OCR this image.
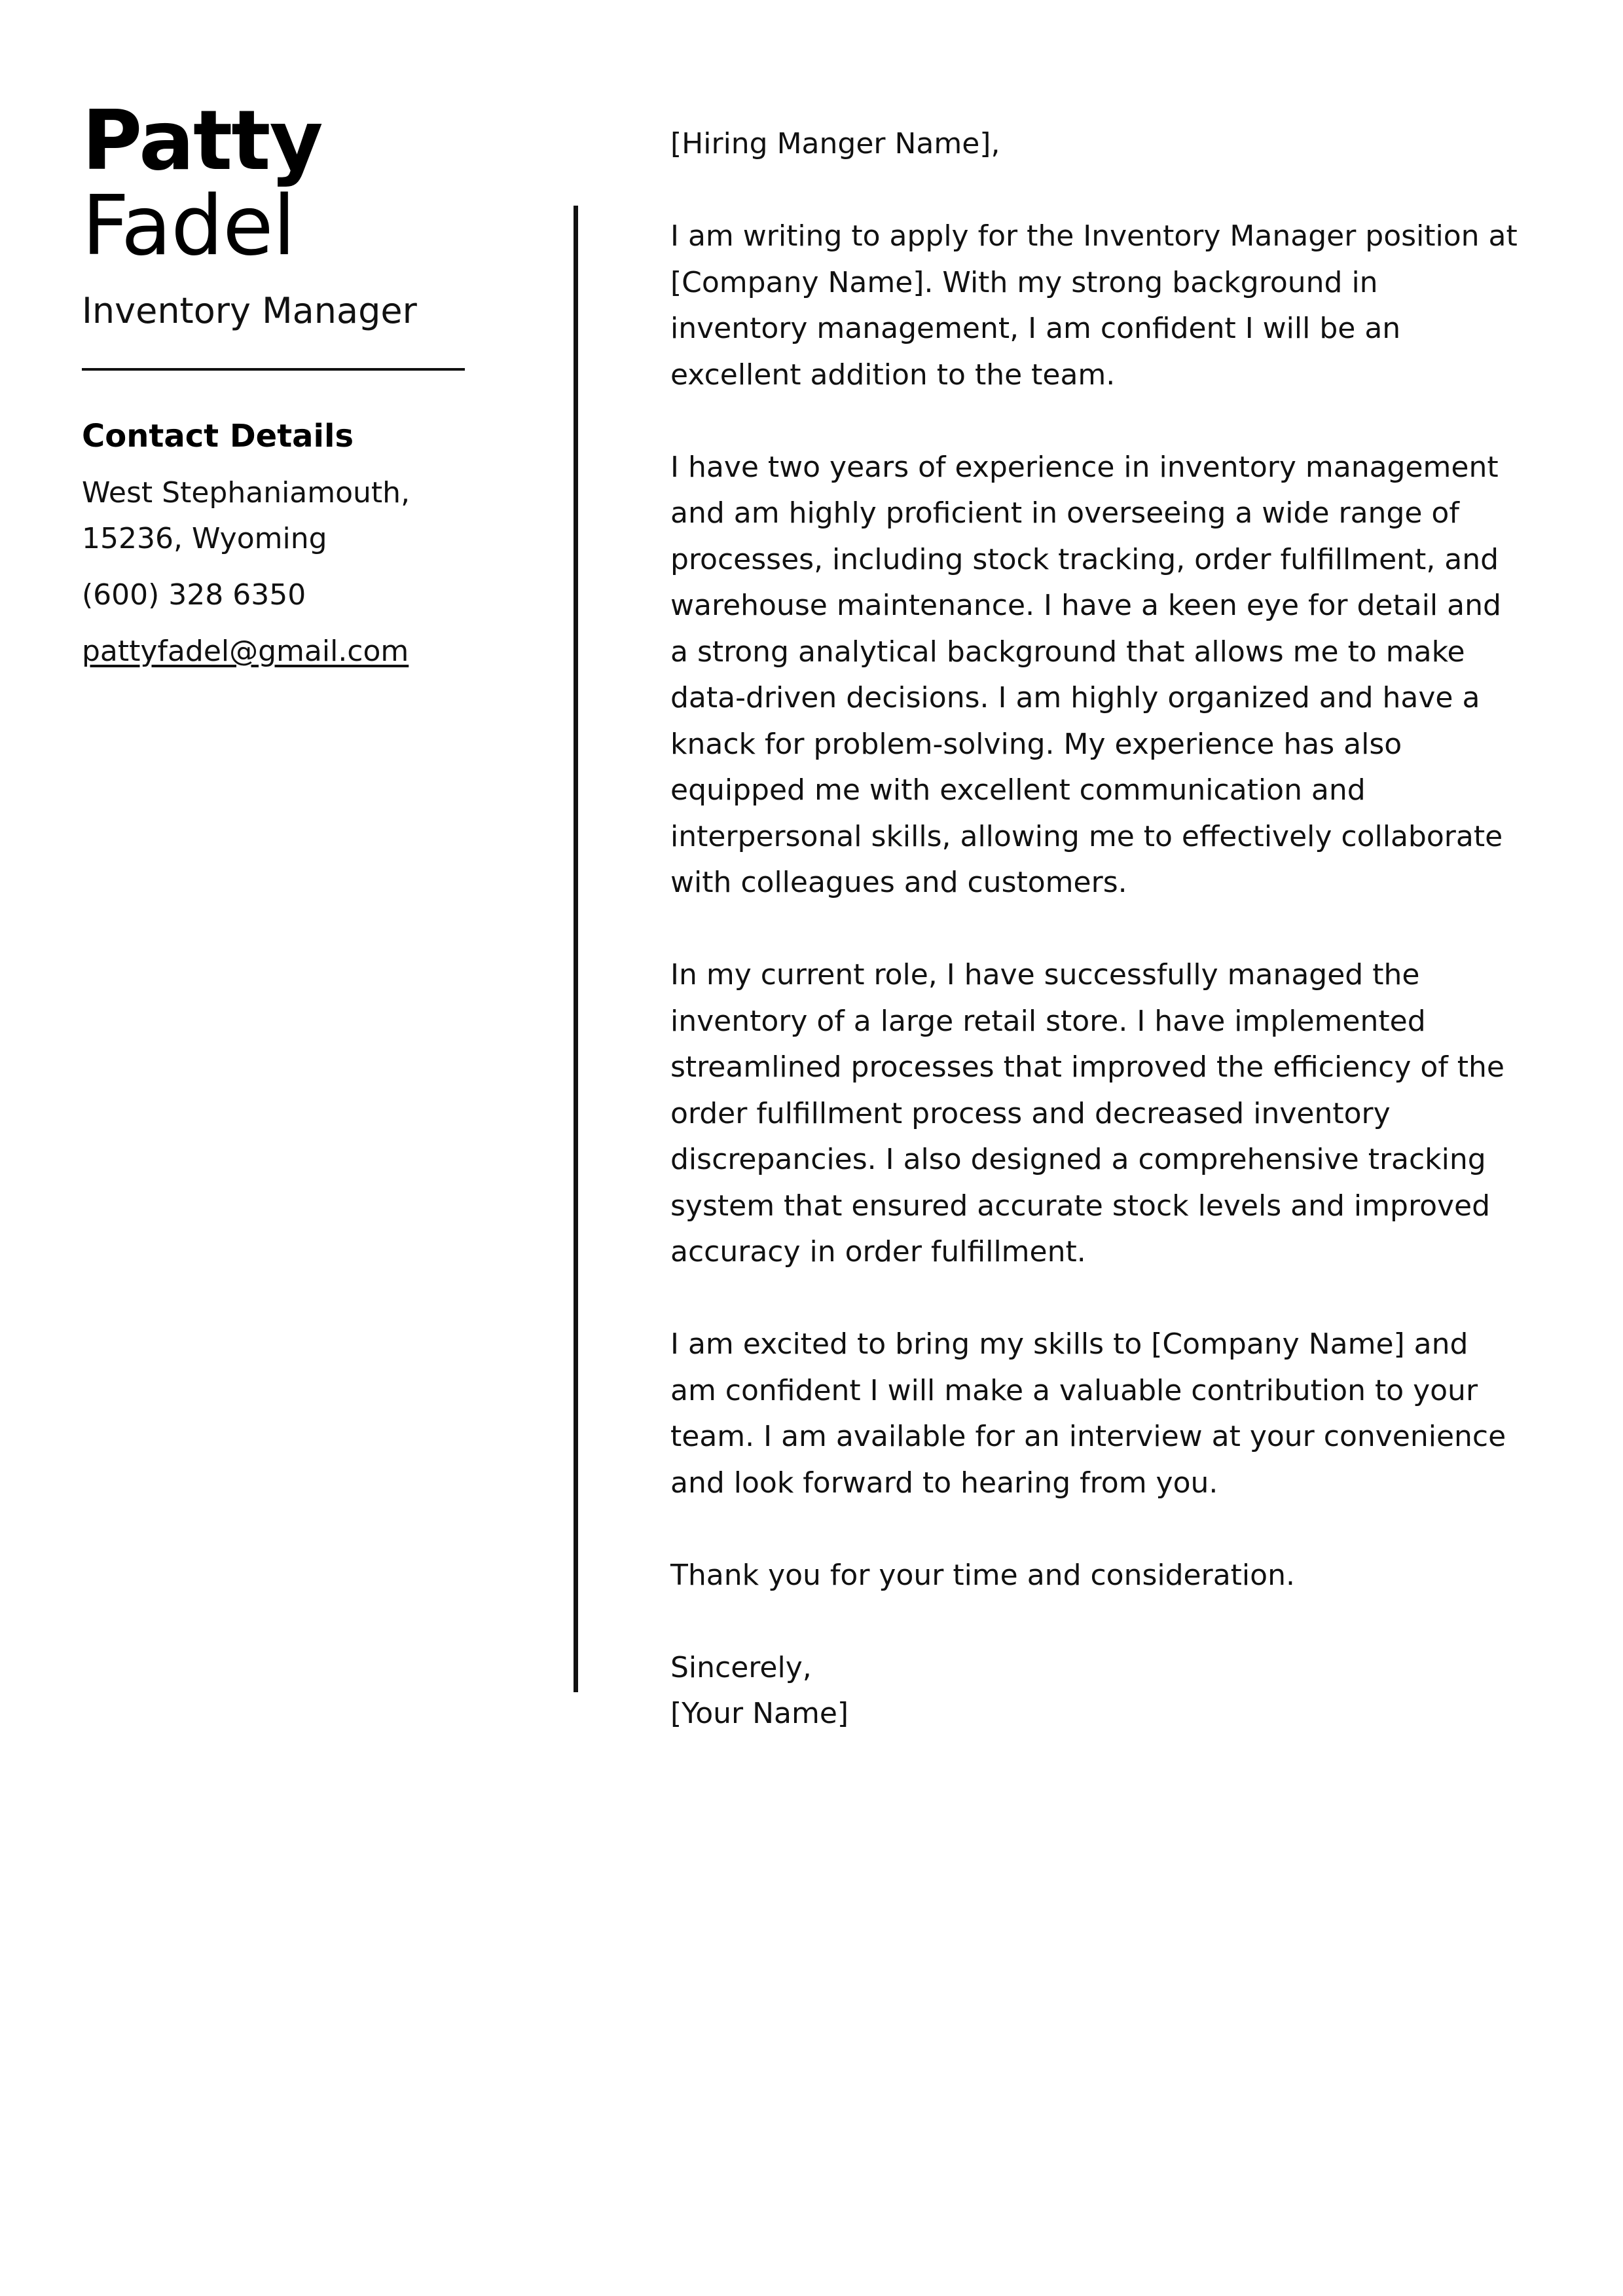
Patty
Fadel
Inventory Manager
Contact Details
West Stephaniamouth,
15236, Wyoming
(600) 328 6350
pattyfadel@gmail.com

[Hiring Manger Name],

I am writing to apply for the Inventory Manager position at [Company Name]. With my strong background in inventory management, I am confident I will be an excellent addition to the team.

I have two years of experience in inventory management and am highly proficient in overseeing a wide range of processes, including stock tracking, order fulfillment, and warehouse maintenance. I have a keen eye for detail and a strong analytical background that allows me to make data-driven decisions. I am highly organized and have a knack for problem-solving. My experience has also equipped me with excellent communication and interpersonal skills, allowing me to effectively collaborate with colleagues and customers.

In my current role, I have successfully managed the inventory of a large retail store. I have implemented streamlined processes that improved the efficiency of the order fulfillment process and decreased inventory discrepancies. I also designed a comprehensive tracking system that ensured accurate stock levels and improved accuracy in order fulfillment.

I am excited to bring my skills to [Company Name] and am confident I will make a valuable contribution to your team. I am available for an interview at your convenience and look forward to hearing from you.

Thank you for your time and consideration.

Sincerely,

[Your Name]
